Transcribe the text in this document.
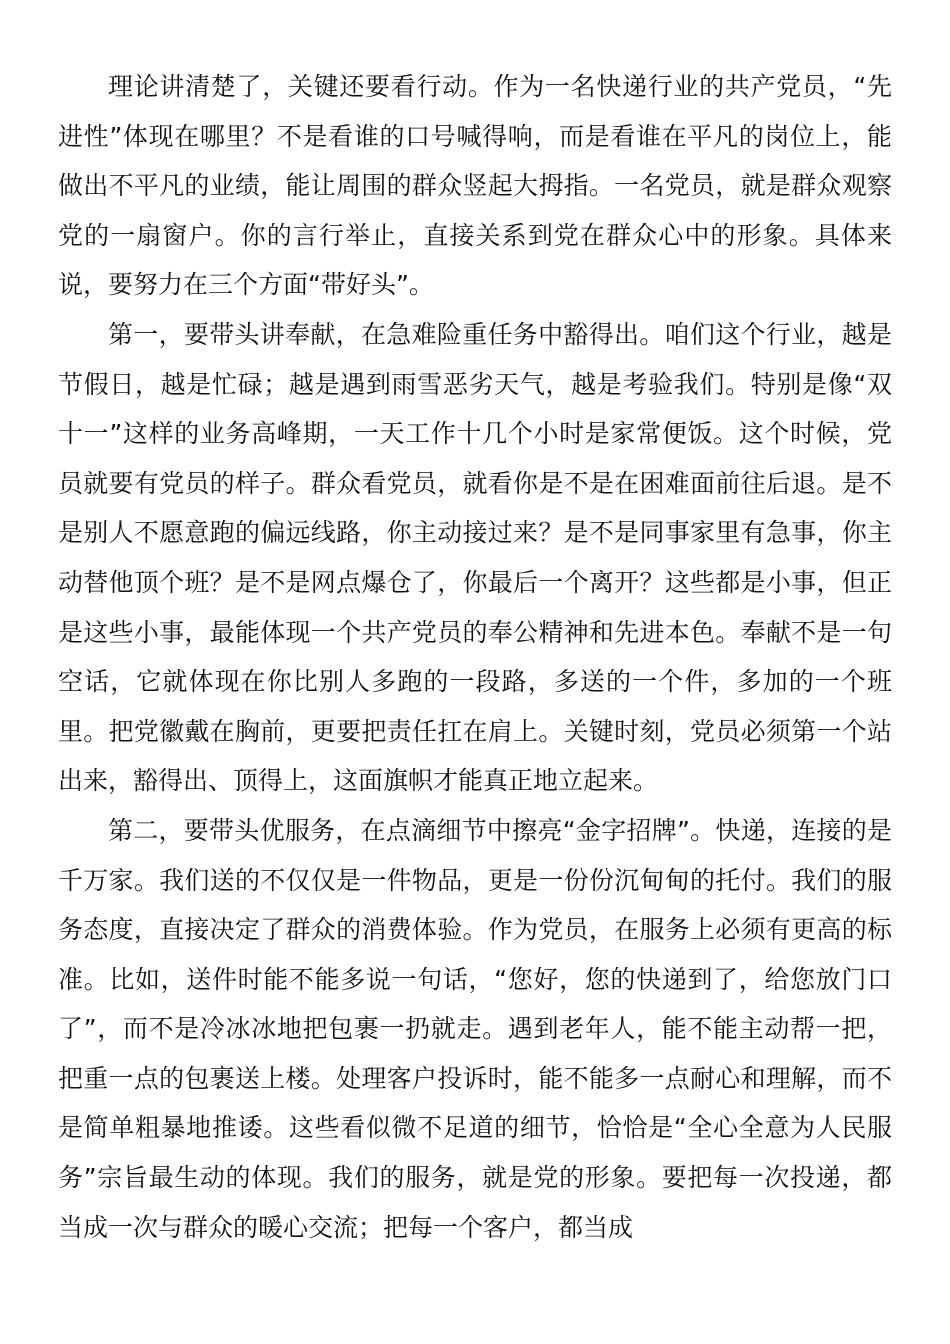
理论讲清楚了，关键还要看行动。作为一名快递行业的共产党员，“先进性”体现在哪里？不是看谁的口号喊得响，而是看谁在平凡的岗位上，能做出不平凡的业绩，能让周围的群众竖起大拇指。一名党员，就是群众观察党的一扇窗户。你的言行举止，直接关系到党在群众心中的形象。具体来说，要努力在三个方面“带好头”。

第一，要带头讲奉献，在急难险重任务中豁得出。咱们这个行业，越是节假日，越是忙碌；越是遇到雨雪恶劣天气，越是考验我们。特别是像“双十一”这样的业务高峰期，一天工作十几个小时是家常便饭。这个时候，党员就要有党员的样子。群众看党员，就看你是不是在困难面前往后退。是不是别人不愿意跑的偏远线路，你主动接过来？是不是同事家里有急事，你主动替他顶个班？是不是网点爆仓了，你最后一个离开？这些都是小事，但正是这些小事，最能体现一个共产党员的奉公精神和先进本色。奉献不是一句空话，它就体现在你比别人多跑的一段路，多送的一个件，多加的一个班里。把党徽戴在胸前，更要把责任扛在肩上。关键时刻，党员必须第一个站出来，豁得出、顶得上，这面旗帜才能真正地立起来。

第二，要带头优服务，在点滴细节中擦亮“金字招牌”。快递，连接的是千万家。我们送的不仅仅是一件物品，更是一份份沉甸甸的托付。我们的服务态度，直接决定了群众的消费体验。作为党员，在服务上必须有更高的标准。比如，送件时能不能多说一句话，“您好，您的快递到了，给您放门口了”，而不是冷冰冰地把包裹一扔就走。遇到老年人，能不能主动帮一把，把重一点的包裹送上楼。处理客户投诉时，能不能多一点耐心和理解，而不是简单粗暴地推诿。这些看似微不足道的细节，恰恰是“全心全意为人民服务”宗旨最生动的体现。我们的服务，就是党的形象。要把每一次投递，都当成一次与群众的暖心交流；把每一个客户，都当成
